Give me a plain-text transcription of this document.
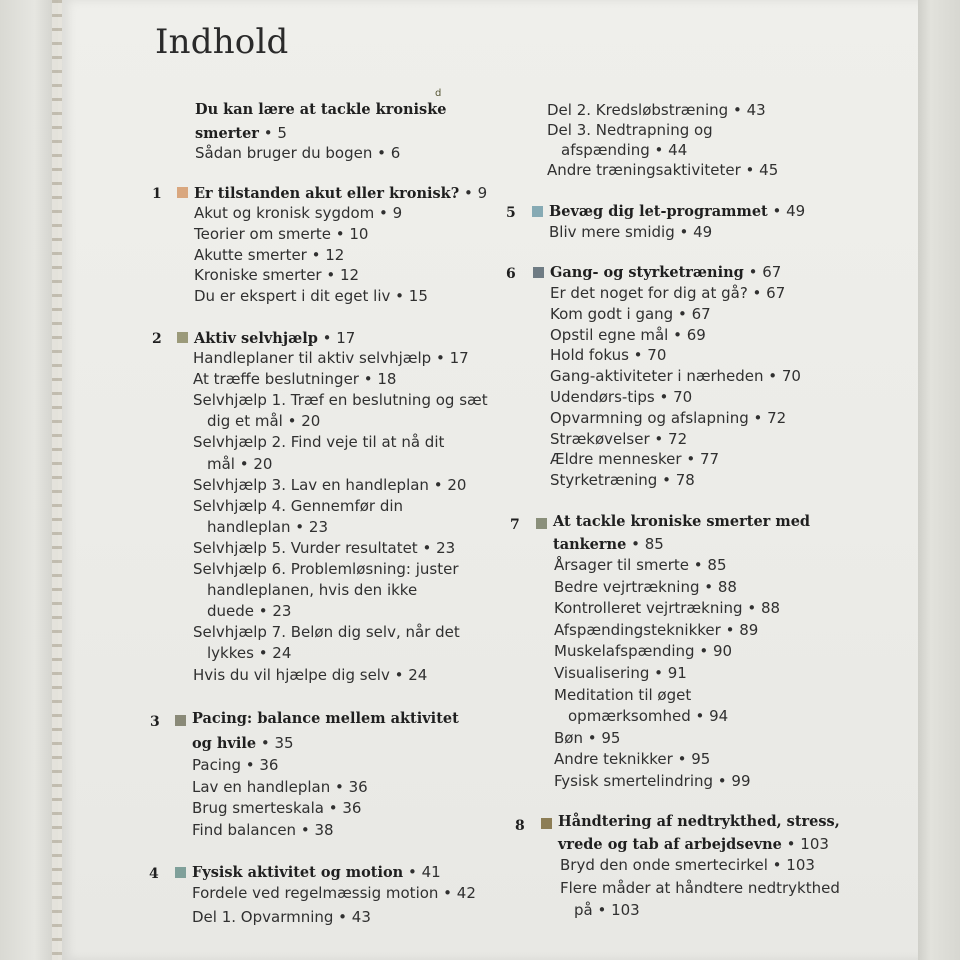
Indhold
ⅾ
Du kan lære at tackle kroniske
smerter • 5
Sådan bruger du bogen • 6
1 Er tilstanden akut eller kronisk? • 9
Akut og kronisk sygdom • 9
Teorier om smerte • 10
Akutte smerter • 12
Kroniske smerter • 12
Du er ekspert i dit eget liv • 15
2 Aktiv selvhjælp • 17
Handleplaner til aktiv selvhjælp • 17
At træffe beslutninger • 18
Selvhjælp 1. Træf en beslutning og sæt
dig et mål • 20
Selvhjælp 2. Find veje til at nå dit
mål • 20
Selvhjælp 3. Lav en handleplan • 20
Selvhjælp 4. Gennemfør din
handleplan • 23
Selvhjælp 5. Vurder resultatet • 23
Selvhjælp 6. Problemløsning: juster
handleplanen, hvis den ikke
duede • 23
Selvhjælp 7. Beløn dig selv, når det
lykkes • 24
Hvis du vil hjælpe dig selv • 24
3 Pacing: balance mellem aktivitet
og hvile • 35
Pacing • 36
Lav en handleplan • 36
Brug smerteskala • 36
Find balancen • 38
4 Fysisk aktivitet og motion • 41
Fordele ved regelmæssig motion • 42
Del 1. Opvarmning • 43
Del 2. Kredsløbstræning • 43
Del 3. Nedtrapning og
afspænding • 44
Andre træningsaktiviteter • 45
5 Bevæg dig let-programmet • 49
Bliv mere smidig • 49
6 Gang- og styrketræning • 67
Er det noget for dig at gå? • 67
Kom godt i gang • 67
Opstil egne mål • 69
Hold fokus • 70
Gang-aktiviteter i nærheden • 70
Udendørs-tips • 70
Opvarmning og afslapning • 72
Strækøvelser • 72
Ældre mennesker • 77
Styrketræning • 78
7 At tackle kroniske smerter med
tankerne • 85
Årsager til smerte • 85
Bedre vejrtrækning • 88
Kontrolleret vejrtrækning • 88
Afspændingsteknikker • 89
Muskelafspænding • 90
Visualisering • 91
Meditation til øget
opmærksomhed • 94
Bøn • 95
Andre teknikker • 95
Fysisk smertelindring • 99
8 Håndtering af nedtrykthed, stress,
vrede og tab af arbejdsevne • 103
Bryd den onde smertecirkel • 103
Flere måder at håndtere nedtrykthed
på • 103
